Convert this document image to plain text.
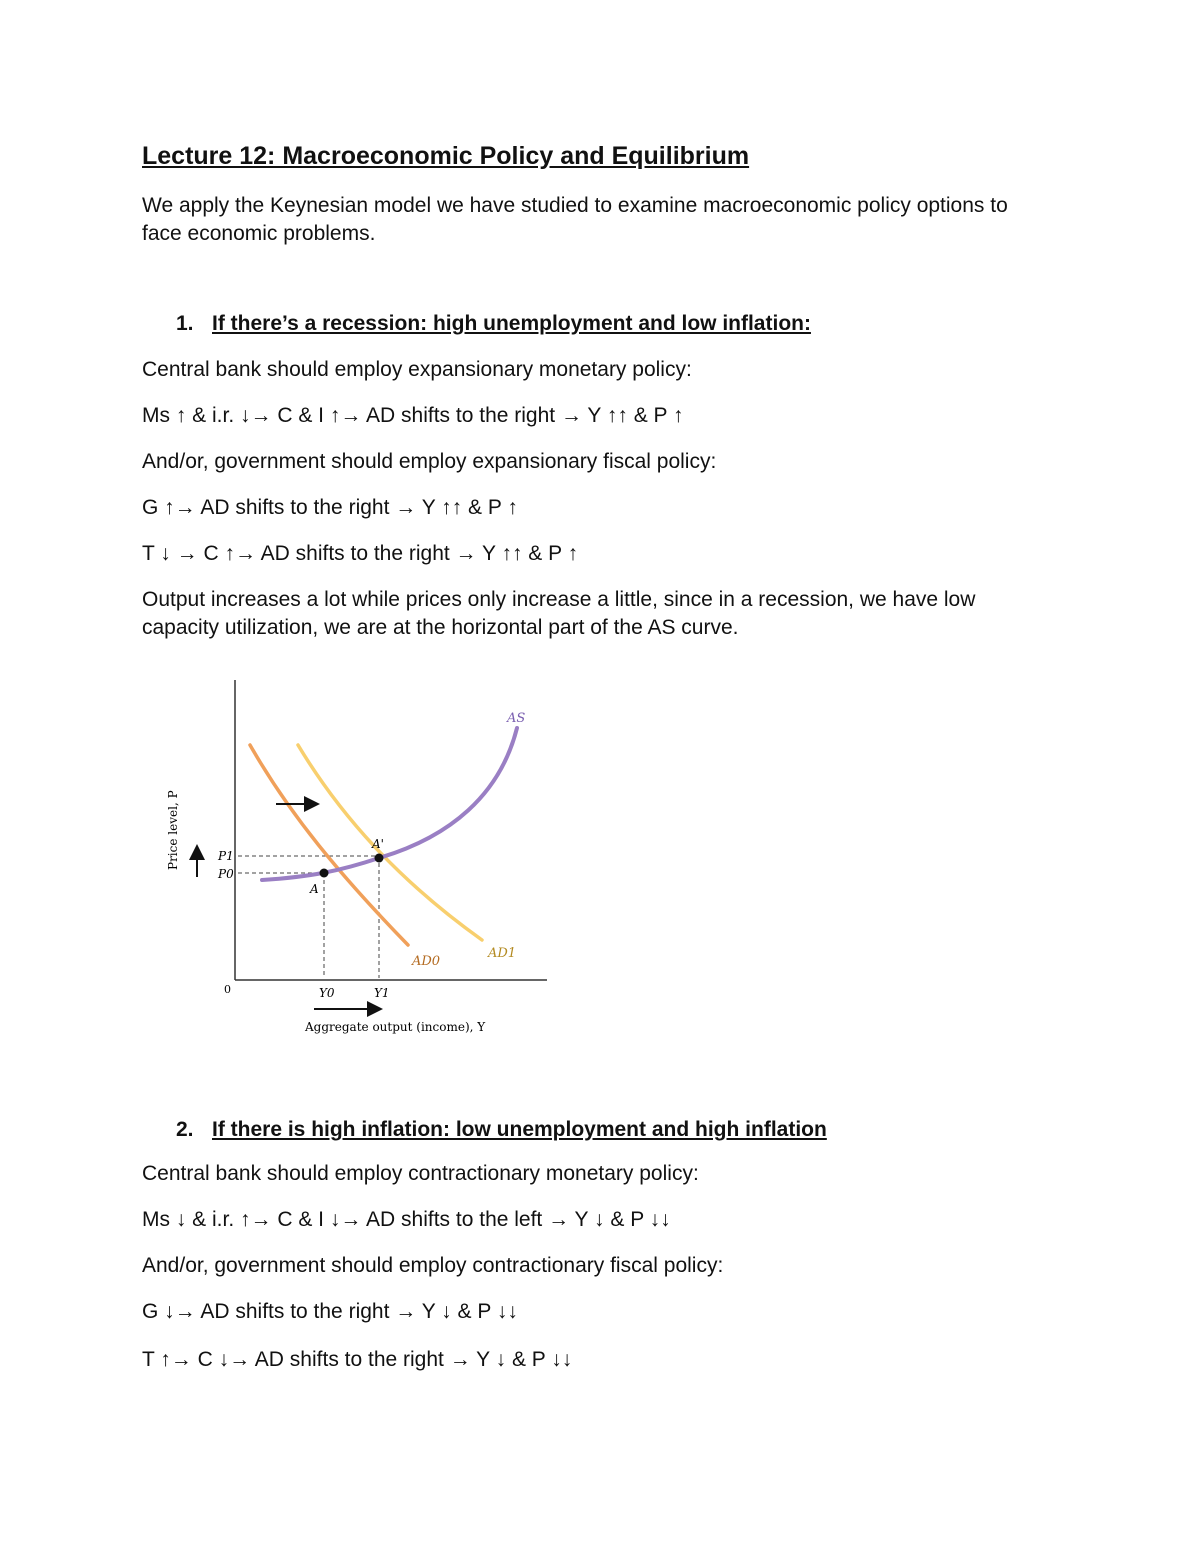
Lecture 12: Macroeconomic Policy and Equilibrium
We apply the Keynesian model we have studied to examine macroeconomic policy options to face economic problems.
1. If there’s a recession: high unemployment and low inflation:
Central bank should employ expansionary monetary policy:
Ms ↑ & i.r. ↓→ C & I ↑→ AD shifts to the right → Y ↑↑ & P ↑
And/or, government should employ expansionary fiscal policy:
G ↑→ AD shifts to the right → Y ↑↑ & P ↑
T ↓ → C ↑→ AD shifts to the right → Y ↑↑ & P ↑
Output increases a lot while prices only increase a little, since in a recession, we have low capacity utilization, we are at the horizontal part of the AS curve.
AS
AD0
AD1
A
A'
P1
P0
Y0	Y1
0
Aggregate output (income), Y
Price level, P
2. If there is high inflation: low unemployment and high inflation
Central bank should employ contractionary monetary policy:
Ms ↓ & i.r. ↑→ C & I ↓→ AD shifts to the left → Y ↓ & P ↓↓
And/or, government should employ contractionary fiscal policy:
G ↓→ AD shifts to the right → Y ↓ & P ↓↓
T ↑→ C ↓→ AD shifts to the right → Y ↓ & P ↓↓
